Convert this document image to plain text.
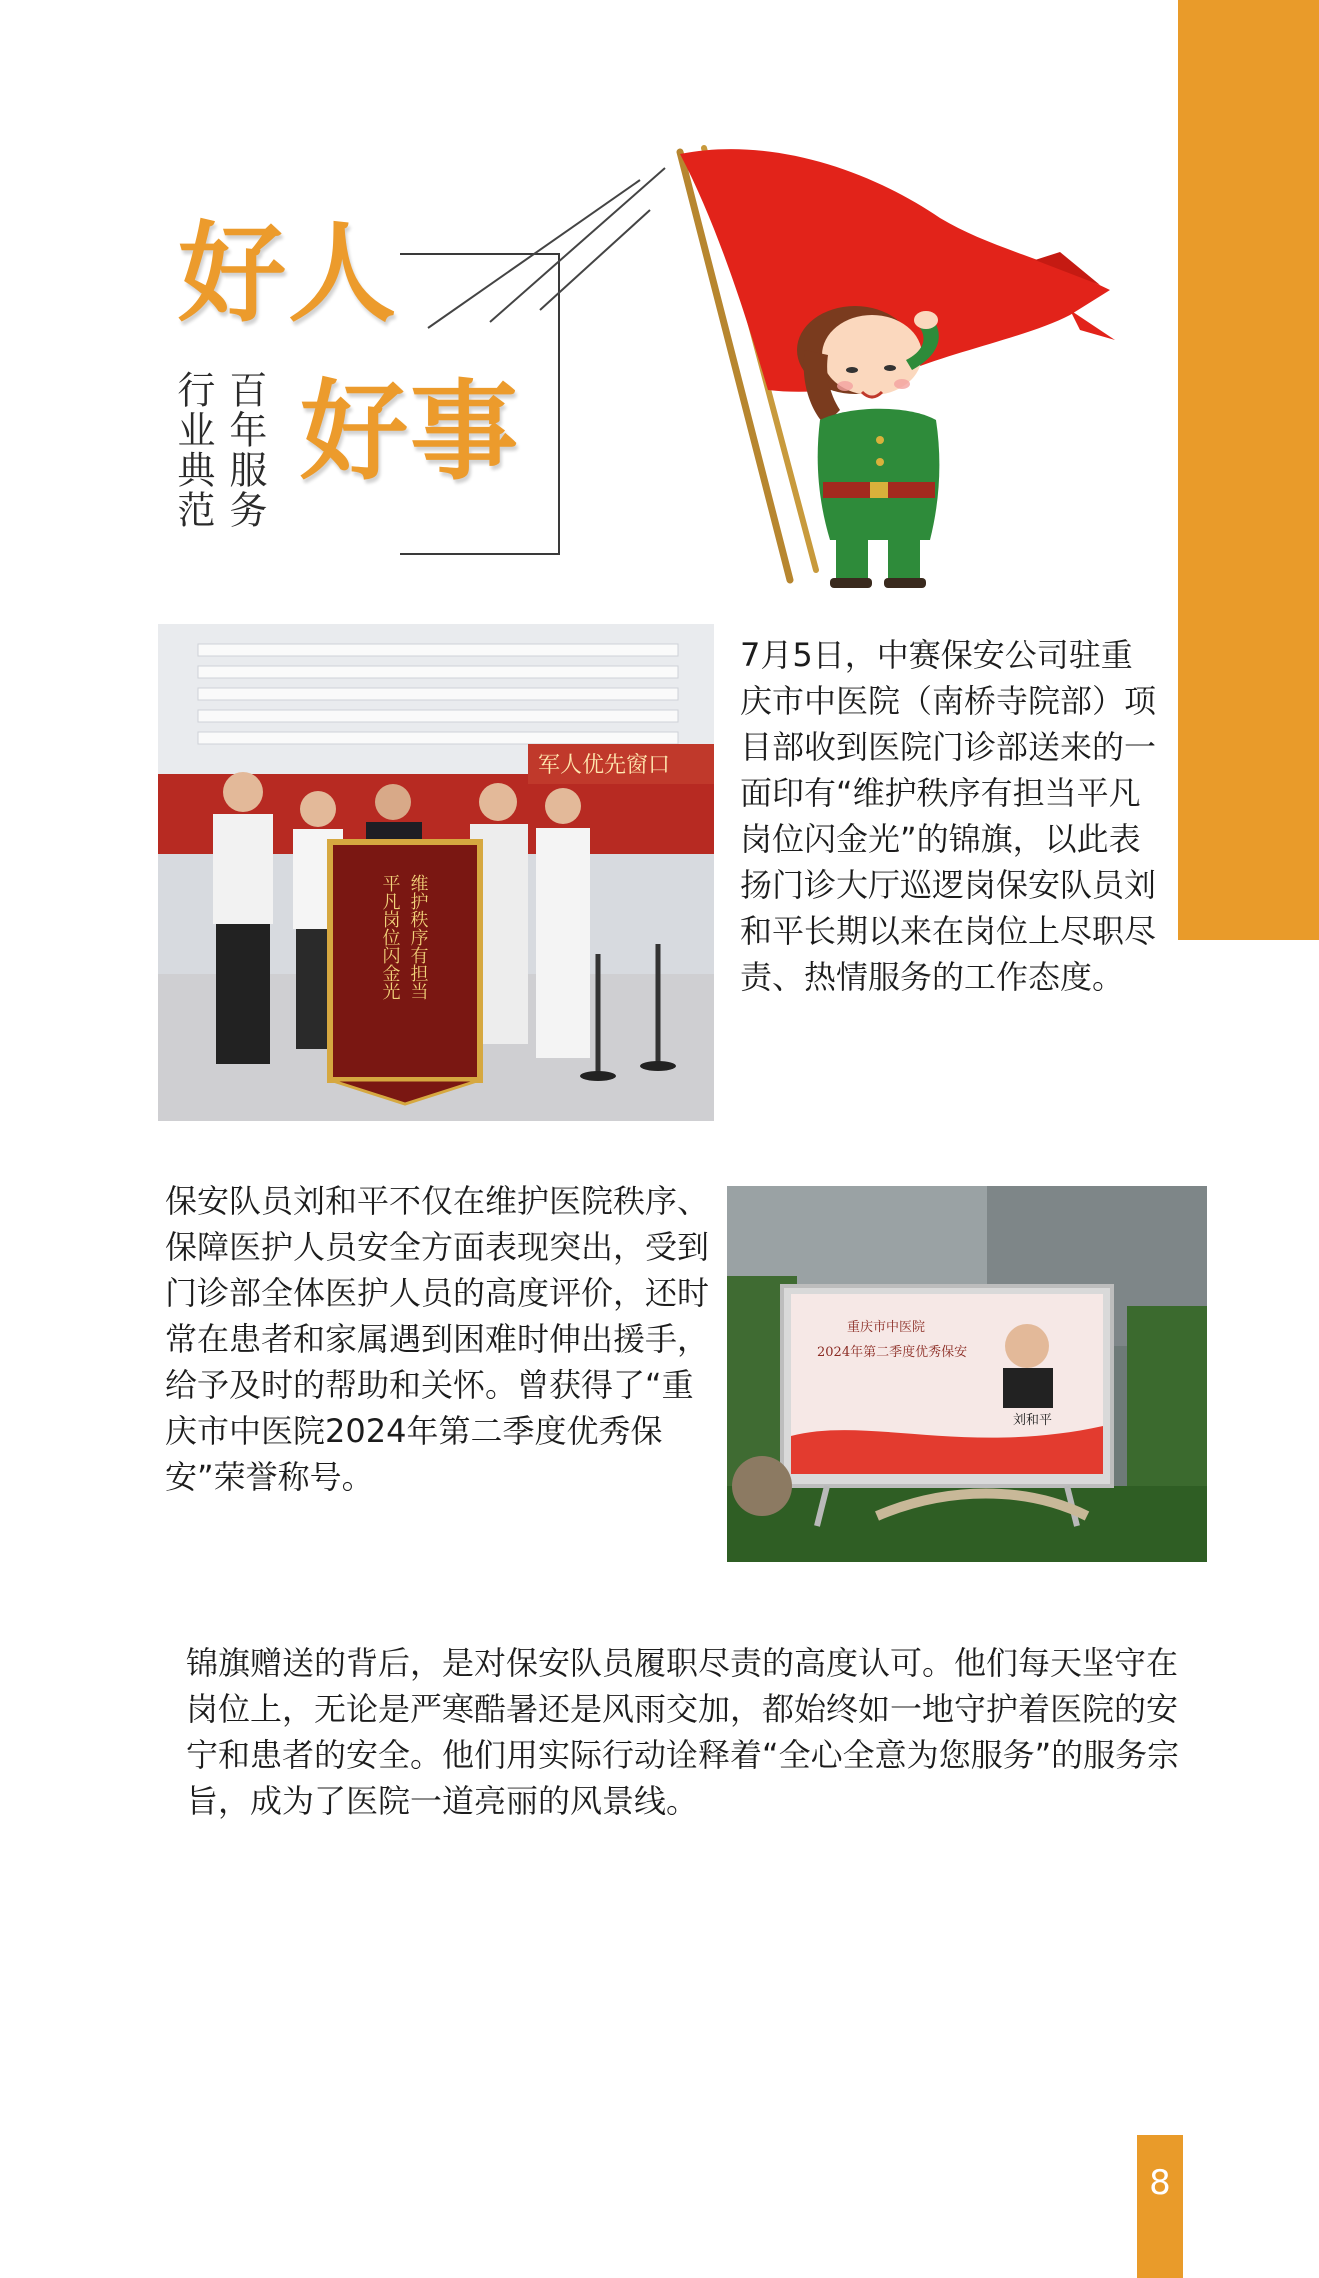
好人
好事
百年服务
行业典范
军人优先窗口
维护秩序有担当
平凡岗位闪金光
7月5日，中赛保安公司驻重庆市中医院（南桥寺院部）项目部收到医院门诊部送来的一面印有“维护秩序有担当平凡岗位闪金光”的锦旗，以此表扬门诊大厅巡逻岗保安队员刘和平长期以来在岗位上尽职尽责、热情服务的工作态度。
保安队员刘和平不仅在维护医院秩序、保障医护人员安全方面表现突出，受到门诊部全体医护人员的高度评价，还时常在患者和家属遇到困难时伸出援手，给予及时的帮助和关怀。曾获得了“重庆市中医院2024年第二季度优秀保安”荣誉称号。
重庆市中医院
2024年第二季度优秀保安
刘和平
锦旗赠送的背后，是对保安队员履职尽责的高度认可。他们每天坚守在岗位上，无论是严寒酷暑还是风雨交加，都始终如一地守护着医院的安宁和患者的安全。他们用实际行动诠释着“全心全意为您服务”的服务宗旨，成为了医院一道亮丽的风景线。
8
